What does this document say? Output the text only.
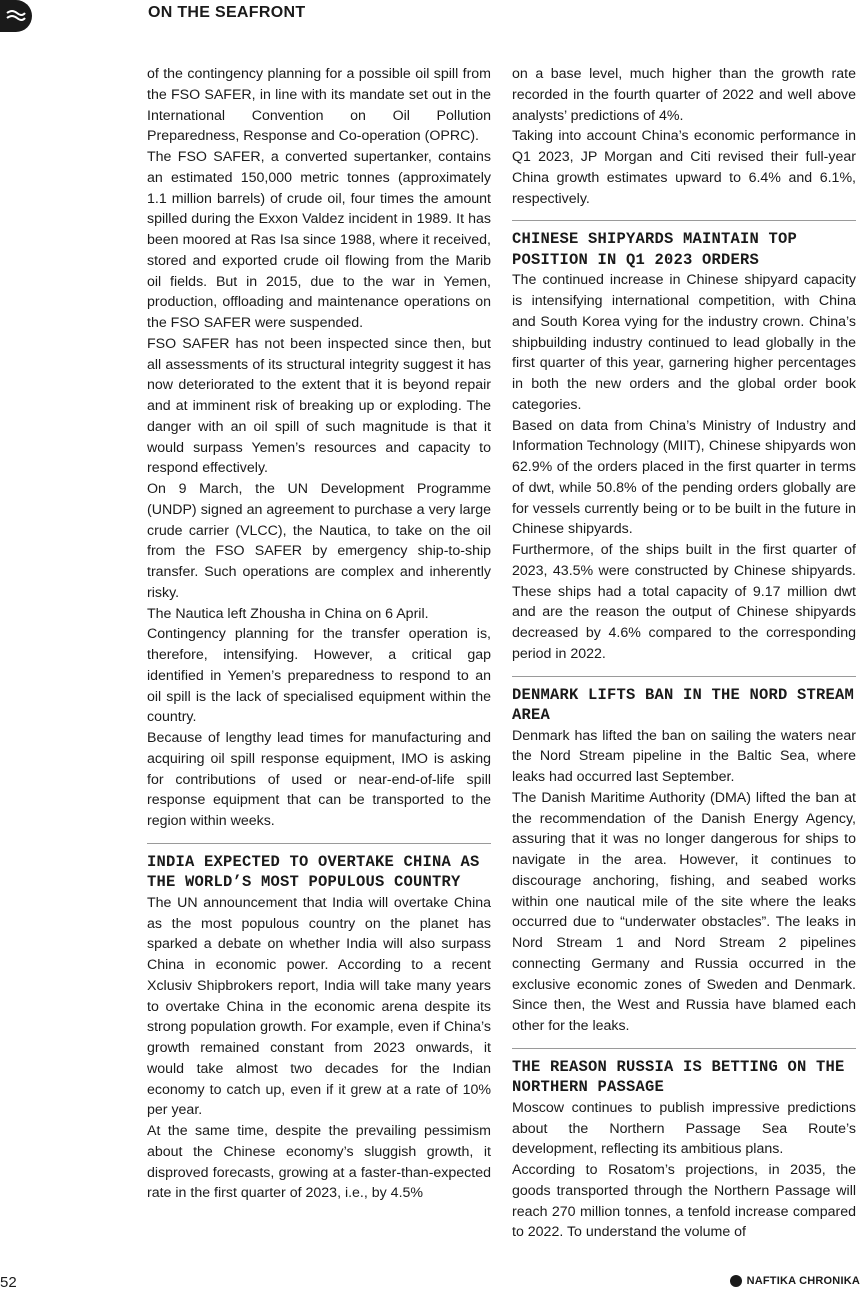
ON THE SEAFRONT

of the contingency planning for a possible oil spill from the FSO SAFER, in line with its mandate set out in the International Convention on Oil Pollution Preparedness, Response and Co-operation (OPRC).

The FSO SAFER, a converted supertanker, contains an estimated 150,000 metric tonnes (approximately 1.1 million barrels) of crude oil, four times the amount spilled during the Exxon Valdez incident in 1989. It has been moored at Ras Isa since 1988, where it received, stored and exported crude oil flowing from the Marib oil fields. But in 2015, due to the war in Yemen, production, offloading and maintenance operations on the FSO SAFER were suspended.

FSO SAFER has not been inspected since then, but all assessments of its structural integrity suggest it has now deteriorated to the extent that it is beyond repair and at imminent risk of breaking up or exploding. The danger with an oil spill of such magnitude is that it would surpass Yemen’s resources and capacity to respond effectively.

On 9 March, the UN Development Programme (UNDP) signed an agreement to purchase a very large crude carrier (VLCC), the Nautica, to take on the oil from the FSO SAFER by emergency ship-to-ship transfer. Such operations are complex and inherently risky.

The Nautica left Zhousha in China on 6 April.

Contingency planning for the transfer operation is, therefore, intensifying. However, a critical gap identified in Yemen’s preparedness to respond to an oil spill is the lack of specialised equipment within the country.

Because of lengthy lead times for manufacturing and acquiring oil spill response equipment, IMO is asking for contributions of used or near-end-of-life spill response equipment that can be transported to the region within weeks.

INDIA EXPECTED TO OVERTAKE CHINA AS THE WORLD’S MOST POPULOUS COUNTRY

The UN announcement that India will overtake China as the most populous country on the planet has sparked a debate on whether India will also surpass China in economic power. According to a recent Xclusiv Shipbrokers report, India will take many years to overtake China in the economic arena despite its strong population growth. For example, even if China’s growth remained constant from 2023 onwards, it would take almost two decades for the Indian economy to catch up, even if it grew at a rate of 10% per year.

At the same time, despite the prevailing pessimism about the Chinese economy’s sluggish growth, it disproved forecasts, growing at a faster-than-expected rate in the first quarter of 2023, i.e., by 4.5%

on a base level, much higher than the growth rate recorded in the fourth quarter of 2022 and well above analysts’ predictions of 4%.

Taking into account China’s economic performance in Q1 2023, JP Morgan and Citi revised their full-year China growth estimates upward to 6.4% and 6.1%, respectively.

CHINESE SHIPYARDS MAINTAIN TOP POSITION IN Q1 2023 ORDERS

The continued increase in Chinese shipyard capacity is intensifying international competition, with China and South Korea vying for the industry crown. China’s shipbuilding industry continued to lead globally in the first quarter of this year, garnering higher percentages in both the new orders and the global order book categories.

Based on data from China’s Ministry of Industry and Information Technology (MIIT), Chinese shipyards won 62.9% of the orders placed in the first quarter in terms of dwt, while 50.8% of the pending orders globally are for vessels currently being or to be built in the future in Chinese shipyards.

Furthermore, of the ships built in the first quarter of 2023, 43.5% were constructed by Chinese shipyards. These ships had a total capacity of 9.17 million dwt and are the reason the output of Chinese shipyards decreased by 4.6% compared to the corresponding period in 2022.

DENMARK LIFTS BAN IN THE NORD STREAM AREA

Denmark has lifted the ban on sailing the waters near the Nord Stream pipeline in the Baltic Sea, where leaks had occurred last September.

The Danish Maritime Authority (DMA) lifted the ban at the recommendation of the Danish Energy Agency, assuring that it was no longer dangerous for ships to navigate in the area. However, it continues to discourage anchoring, fishing, and seabed works within one nautical mile of the site where the leaks occurred due to “underwater obstacles”. The leaks in Nord Stream 1 and Nord Stream 2 pipelines connecting Germany and Russia occurred in the exclusive economic zones of Sweden and Denmark. Since then, the West and Russia have blamed each other for the leaks.

THE REASON RUSSIA IS BETTING ON THE NORTHERN PASSAGE

Moscow continues to publish impressive predictions about the Northern Passage Sea Route’s development, reflecting its ambitious plans.

According to Rosatom’s projections, in 2035, the goods transported through the Northern Passage will reach 270 million tonnes, a tenfold increase compared to 2022. To understand the volume of

52	NAFTIKA CHRONIKA
